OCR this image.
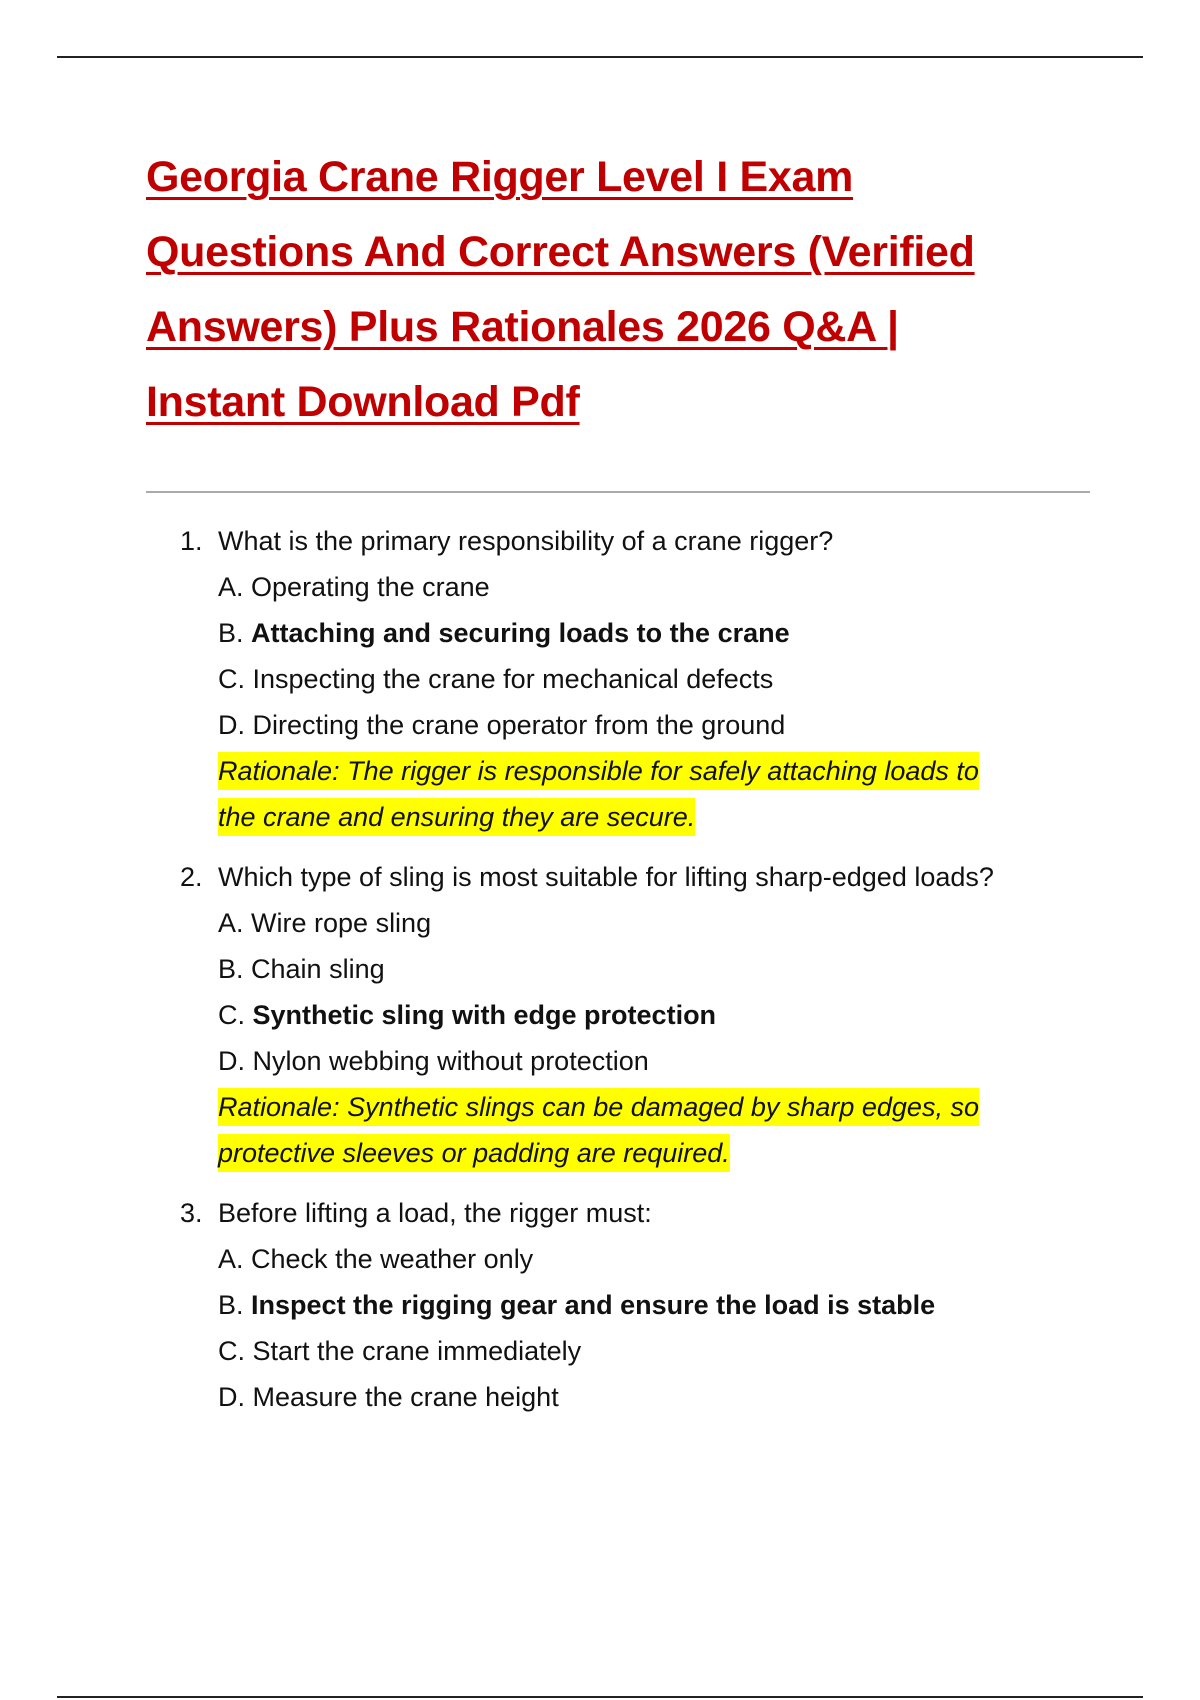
Georgia Crane Rigger Level I Exam
Questions And Correct Answers (Verified
Answers) Plus Rationales 2026 Q&A |
Instant Download Pdf
1. What is the primary responsibility of a crane rigger?
A. Operating the crane
B. Attaching and securing loads to the crane
C. Inspecting the crane for mechanical defects
D. Directing the crane operator from the ground
Rationale: The rigger is responsible for safely attaching loads to
the crane and ensuring they are secure.
2. Which type of sling is most suitable for lifting sharp-edged loads?
A. Wire rope sling
B. Chain sling
C. Synthetic sling with edge protection
D. Nylon webbing without protection
Rationale: Synthetic slings can be damaged by sharp edges, so
protective sleeves or padding are required.
3. Before lifting a load, the rigger must:
A. Check the weather only
B. Inspect the rigging gear and ensure the load is stable
C. Start the crane immediately
D. Measure the crane height
